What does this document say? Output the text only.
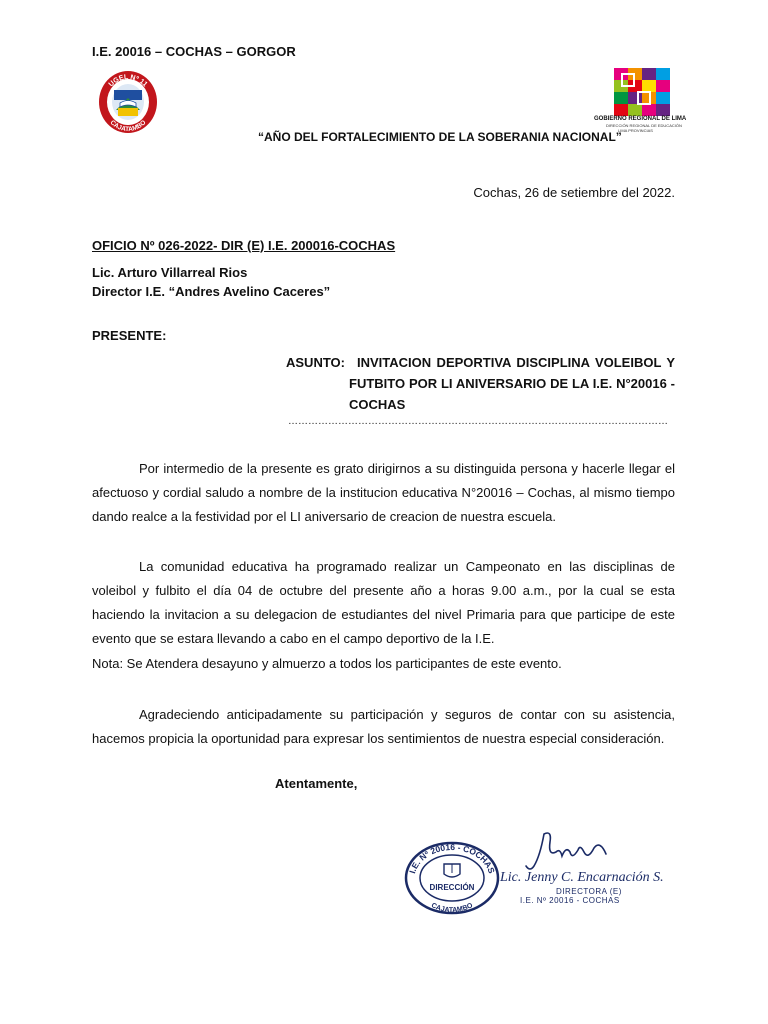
I.E. 20016 – COCHAS – GORGOR
UGEL Nº 11
CAJATAMBO
GOBIERNO REGIONAL DE LIMA
DIRECCIÓN REGIONAL DE EDUCACIÓN
LIMA PROVINCIAS
“AÑO DEL FORTALECIMIENTO DE LA SOBERANIA NACIONAL”
Cochas, 26 de setiembre del 2022.
OFICIO Nº 026-2022- DIR (E) I.E. 200016-COCHAS
Lic. Arturo Villarreal Rios
Director I.E. “Andres Avelino Caceres”
PRESENTE:
ASUNTO: INVITACION DEPORTIVA DISCIPLINA VOLEIBOL Y
FUTBITO POR LI ANIVERSARIO DE LA I.E. N°20016 -
COCHAS
……………………………………………………………………………………………………
Por intermedio de la presente es grato dirigirnos a su distinguida persona y hacerle llegar el afectuoso y cordial saludo a nombre de la institucion educativa N°20016 – Cochas, al mismo tiempo dando realce a la festividad por el LI aniversario de creacion de nuestra escuela.
La comunidad educativa ha programado realizar un Campeonato en las disciplinas de voleibol y fulbito el día 04 de octubre del presente año a horas 9.00 a.m., por la cual se esta haciendo la invitacion a su delegacion de estudiantes del nivel Primaria para que participe de este evento que se estara llevando a cabo en el campo deportivo de la I.E.
Nota: Se Atendera desayuno y almuerzo a todos los participantes de este evento.
Agradeciendo anticipadamente su participación y seguros de contar con su asistencia, hacemos propicia la oportunidad para expresar los sentimientos de nuestra especial consideración.
Atentamente,
I.E. Nº 20016 - COCHAS
CAJATAMBO
DIRECCIÓN
Lic. Jenny C. Encarnación S.
DIRECTORA (E)
I.E. Nº 20016 - COCHAS
